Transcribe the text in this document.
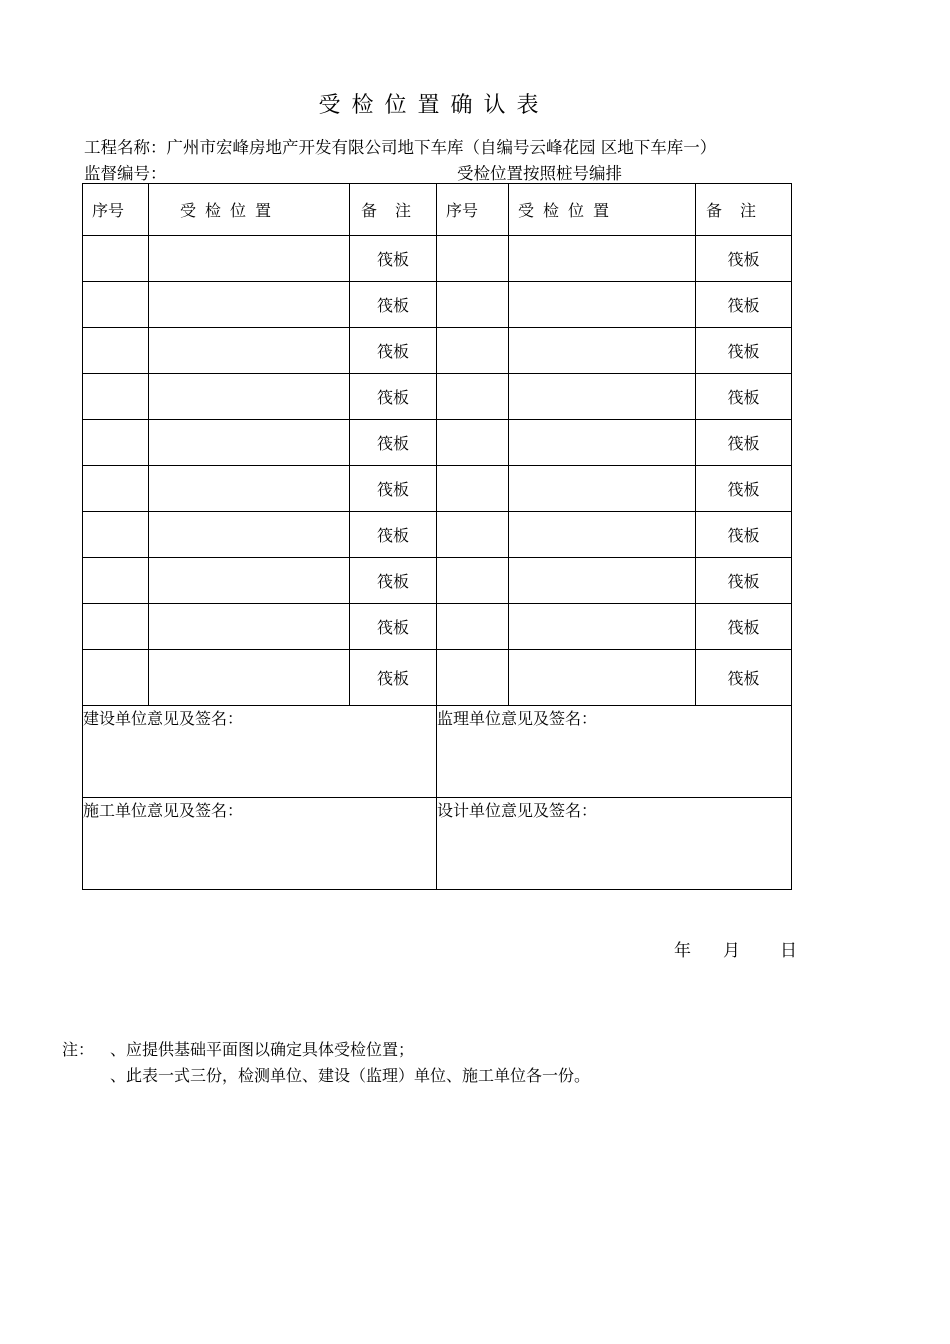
受检位置确认表
工程名称：广州市宏峰房地产开发有限公司地下车库（自编号云峰花园 区地下车库一）
监督编号：	受检位置按照桩号编排
序号	受检位置	备注	序号	受检位置	备注
		筏板			筏板
		筏板			筏板
		筏板			筏板
		筏板			筏板
		筏板			筏板
		筏板			筏板
		筏板			筏板
		筏板			筏板
		筏板			筏板
		筏板			筏板
建设单位意见及签名：			监理单位意见及签名：		
施工单位意见及签名：			设计单位意见及签名：		
年 月 日
注： 、应提供基础平面图以确定具体受检位置；
、此表一式三份，检测单位、建设（监理）单位、施工单位各一份。
